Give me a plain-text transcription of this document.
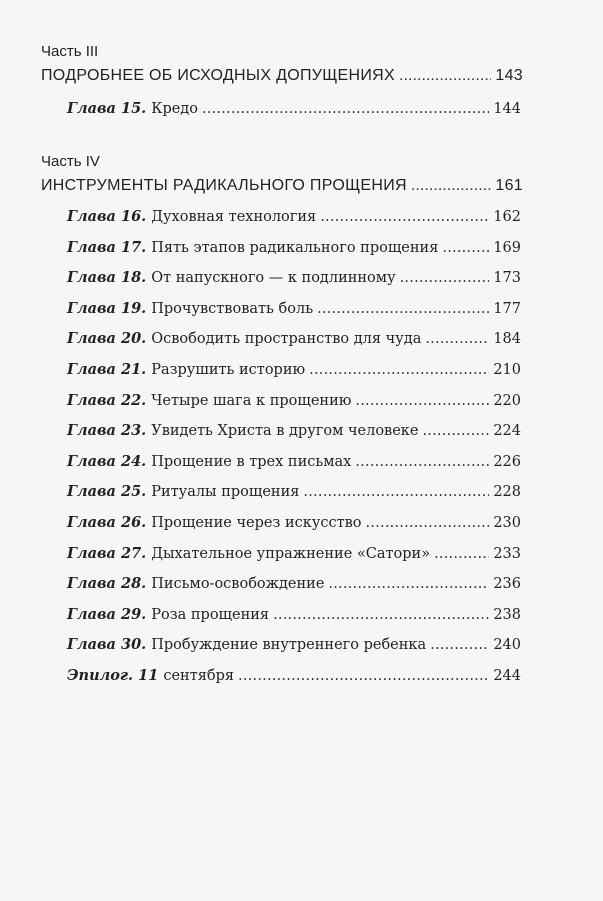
Часть III
ПОДРОБНЕЕ ОБ ИСХОДНЫХ ДОПУЩЕНИЯХ . . .	143
Глава 15. Кредо . . .	144
Часть IV
ИНСТРУМЕНТЫ РАДИКАЛЬНОГО ПРОЩЕНИЯ . . .	161
Глава 16. Духовная технология . . .	162
Глава 17. Пять этапов радикального прощения . . .	169
Глава 18. От напускного — к подлинному . . .	173
Глава 19. Прочувствовать боль . . .	177
Глава 20. Освободить пространство для чуда . . .	184
Глава 21. Разрушить историю . . .	210
Глава 22. Четыре шага к прощению . . .	220
Глава 23. Увидеть Христа в другом человеке . . .	224
Глава 24. Прощение в трех письмах . . .	226
Глава 25. Ритуалы прощения . . .	228
Глава 26. Прощение через искусство . . .	230
Глава 27. Дыхательное упражнение «Сатори» . . .	233
Глава 28. Письмо-освобождение . . .	236
Глава 29. Роза прощения . . .	238
Глава 30. Пробуждение внутреннего ребенка . . .	240
Эпилог. 11 сентября . . .	244
